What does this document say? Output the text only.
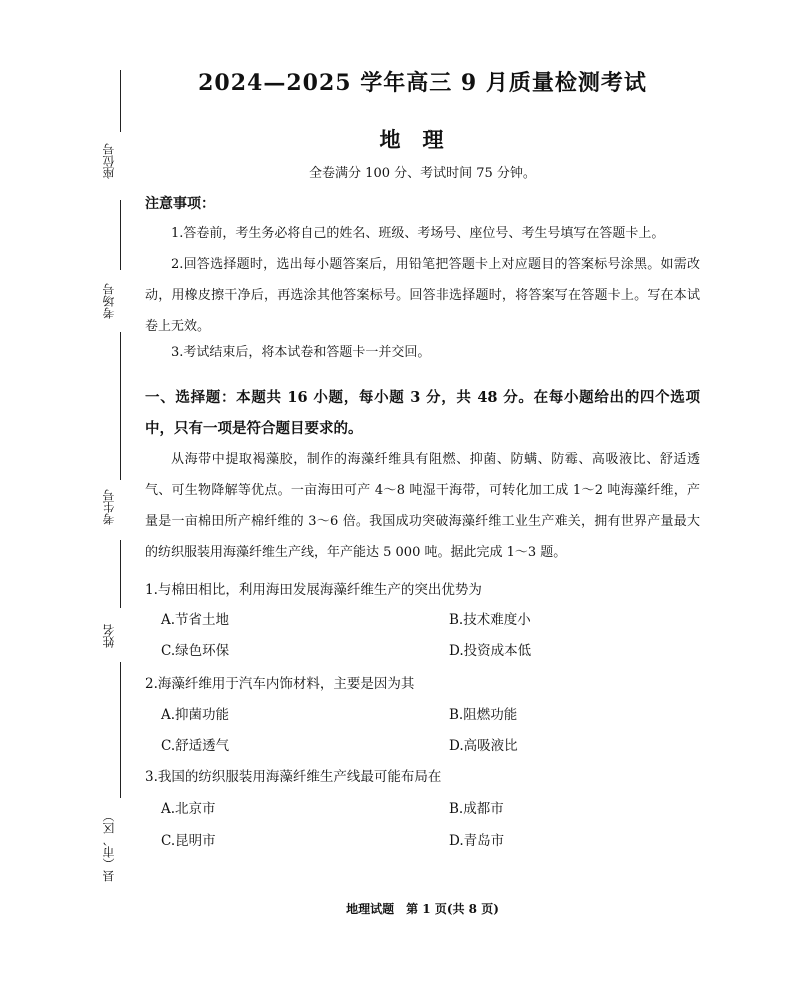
座位号
考场号
考生号
姓名
县（市、区）
2024—2025 学年高三 9 月质量检测考试
地理
全卷满分 100 分、考试时间 75 分钟。
注意事项：
1.答卷前，考生务必将自己的姓名、班级、考场号、座位号、考生号填写在答题卡上。
2.回答选择题时，选出每小题答案后，用铅笔把答题卡上对应题目的答案标号涂黑。如需改动，用橡皮擦干净后，再选涂其他答案标号。回答非选择题时，将答案写在答题卡上。写在本试卷上无效。
3.考试结束后，将本试卷和答题卡一并交回。
一、选择题：本题共 16 小题，每小题 3 分，共 48 分。在每小题给出的四个选项中，只有一项是符合题目要求的。
从海带中提取褐藻胶，制作的海藻纤维具有阻燃、抑菌、防螨、防霉、高吸液比、舒适透气、可生物降解等优点。一亩海田可产 4～8 吨湿干海带，可转化加工成 1～2 吨海藻纤维，产量是一亩棉田所产棉纤维的 3～6 倍。我国成功突破海藻纤维工业生产难关，拥有世界产量最大的纺织服装用海藻纤维生产线，年产能达 5 000 吨。据此完成 1～3 题。
1.与棉田相比，利用海田发展海藻纤维生产的突出优势为
A.节省土地	B.技术难度小
C.绿色环保	D.投资成本低
2.海藻纤维用于汽车内饰材料，主要是因为其
A.抑菌功能	B.阻燃功能
C.舒适透气	D.高吸液比
3.我国的纺织服装用海藻纤维生产线最可能布局在
A.北京市	B.成都市
C.昆明市	D.青岛市
地理试题　第 1 页(共 8 页)
